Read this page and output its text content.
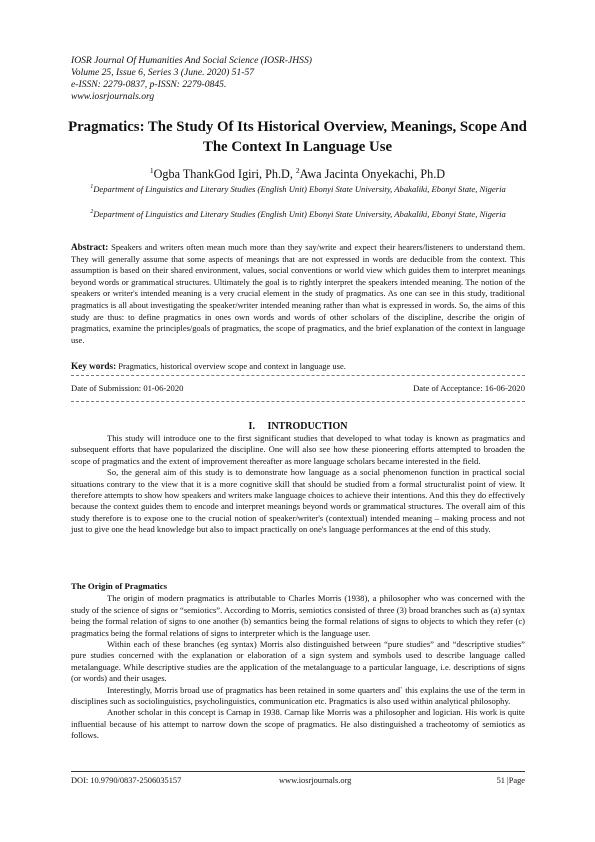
IOSR Journal Of Humanities And Social Science (IOSR-JHSS)
Volume 25, Issue 6, Series 3 (June. 2020) 51-57
e-ISSN: 2279-0837, p-ISSN: 2279-0845.
www.iosrjournals.org
Pragmatics: The Study Of Its Historical Overview, Meanings, Scope And The Context In Language Use
$^1$Ogba ThankGod Igiri, Ph.D, $^2$Awa Jacinta Onyekachi, Ph.D
$^1$Department of Linguistics and Literary Studies (English Unit) Ebonyi State University, Abakaliki, Ebonyi State, Nigeria
$^2$Department of Linguistics and Literary Studies (English Unit) Ebonyi State University, Abakaliki, Ebonyi State, Nigeria
Abstract: Speakers and writers often mean much more than they say/write and expect their hearers/listeners to understand them. They will generally assume that some aspects of meanings that are not expressed in words are deducible from the context. This assumption is based on their shared environment, values, social conventions or world view which guides them to interpret meanings beyond words or grammatical structures. Ultimately the goal is to rightly interpret the speakers intended meaning. The notion of the speakers or writer's intended meaning is a very crucial element in the study of pragmatics. As one can see in this study, traditional pragmatics is all about investigating the speaker/writer intended meaning rather than what is expressed in words. So, the aims of this study are thus: to define pragmatics in ones own words and words of other scholars of the discipline, describe the origin of pragmatics, examine the principles/goals of pragmatics, the scope of pragmatics, and the brief explanation of the context in language use.
Key words: Pragmatics, historical overview scope and context in language use.
Date of Submission: 01-06-2020	Date of Acceptance: 16-06-2020
I.     INTRODUCTION

This study will introduce one to the first significant studies that developed to what today is known as pragmatics and subsequent efforts that have popularized the discipline. One will also see how these pioneering efforts attempted to broaden the scope of pragmatics and the extent of improvement thereafter as more language scholars became interested in the field.

So, the general aim of this study is to demonstrate how language as a social phenomenon function in practical social situations contrary to the view that it is a more cognitive skill that should be studied from a formal structuralist point of view. It therefore attempts to show how speakers and writers make language choices to achieve their intentions. And this they do effectively because the context guides them to encode and interpret meanings beyond words or grammatical structures. The overall aim of this study therefore is to expose one to the crucial notion of speaker/writer's (contextual) intended meaning – making process and not just to give one the head knowledge but also to impact practically on one's language performances at the end of this study.

The Origin of Pragmatics

The origin of modern pragmatics is attributable to Charles Morris (1938), a philosopher who was concerned with the study of the science of signs or “semiotics”. According to Morris, semiotics consisted of three (3) broad branches such as (a) syntax being the formal relation of signs to one another (b) semantics being the formal relations of signs to objects to which they refer (c) pragmatics being the formal relations of signs to interpreter which is the language user.

Within each of these branches (eg syntax) Morris also distinguished between “pure studies” and “descriptive studies” pure studies concerned with the explanation or elaboration of a sign system and symbols used to describe language called metalanguage. While descriptive studies are the application of the metalanguage to a particular language, i.e. descriptions of signs (or words) and their usages.

Interestingly, Morris broad use of pragmatics has been retained in some quarters and` this explains the use of the term in disciplines such as sociolinguistics, psycholinguistics, communication etc. Pragmatics is also used within analytical philosophy.

Another scholar in this concept is Carnap in 1938. Carnap like Morris was a philosopher and logician. His work is quite influential because of his attempt to narrow down the scope of pragmatics. He also distinguished a tracheotomy of semiotics as follows.

DOI: 10.9790/0837-2506035157	www.iosrjournals.org	51 |Page
